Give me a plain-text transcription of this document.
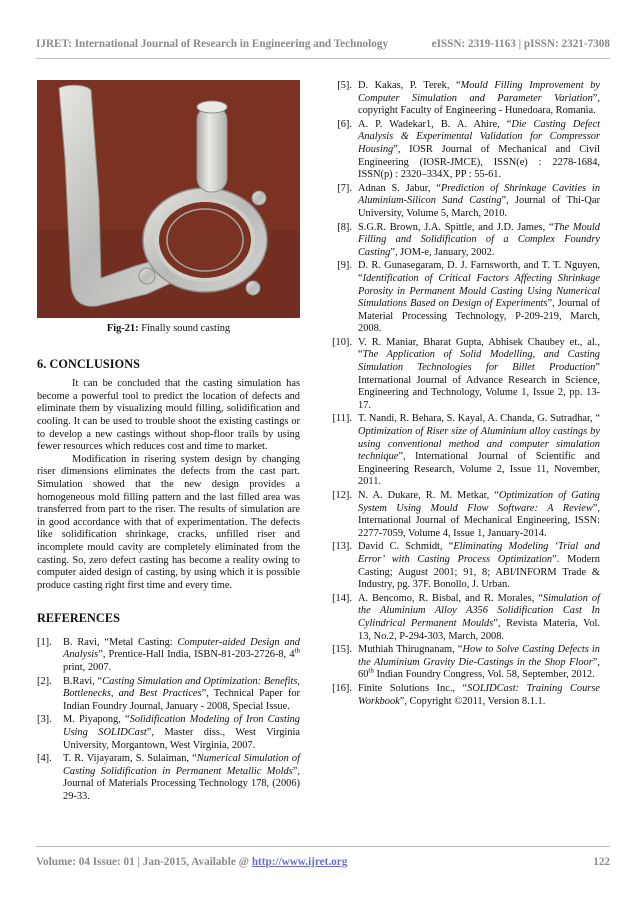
IJRET: International Journal of Research in Engineering and Technology	eISSN: 2319-1163 | pISSN: 2321-7308
Fig-21: Finally sound casting
6. CONCLUSIONS

It can be concluded that the casting simulation has become a powerful tool to predict the location of defects and eliminate them by visualizing mould filling, solidification and cooling. It can be used to trouble shoot the existing castings or to develop a new castings without shop-floor trails by using fewer resources which reduces cost and time to market.

Modification in risering system design by changing riser dimensions eliminates the defects from the cast part. Simulation showed that the new design provides a homogeneous mold filling pattern and the last filled area was transferred from part to the riser. The results of simulation are in good accordance with that of experimentation. The defects like solidification shrinkage, cracks, unfilled riser and incomplete mould cavity are completely eliminated from the casting. So, zero defect casting has become a reality owing to computer aided design of casting, by using which it is possible produce casting right first time and every time.

REFERENCES
[1].	B. Ravi, “Metal Casting: Computer-aided Design and Analysis”, Prentice-Hall India, ISBN-81-203-2726-8, 4th print, 2007.
[2].	B.Ravi, “Casting Simulation and Optimization: Benefits, Bottlenecks, and Best Practices”, Technical Paper for Indian Foundry Journal, January - 2008, Special Issue.
[3].	M. Piyapong, “Solidification Modeling of Iron Casting Using SOLIDCast”, Master diss., West Virginia University, Morgantown, West Virginia, 2007.
[4].	T. R. Vijayaram, S. Sulaiman, “Numerical Simulation of Casting Solidification in Permanent Metallic Molds”, Journal of Materials Processing Technology 178, (2006) 29-33.
[5]. D. Kakas, P. Terek, “Mould Filling Improvement by Computer Simulation and Parameter Variation”, copyright Faculty of Engineering - Hunedoara, Romania.
[6]. A. P. Wadekar1, B. A. Ahire, “Die Casting Defect Analysis & Experimental Validation for Compressor Housing”, IOSR Journal of Mechanical and Civil Engineering (IOSR-JMCE), ISSN(e) : 2278-1684, ISSN(p) : 2320–334X, PP : 55-61.
[7]. Adnan S. Jabur, “Prediction of Shrinkage Cavities in Aluminium-Silicon Sand Casting”, Journal of Thi-Qar University, Volume 5, March, 2010.
[8]. S.G.R. Brown, J.A. Spittle, and J.D. James, “The Mould Filling and Solidification of a Complex Foundry Casting”, JOM-e, January, 2002.
[9]. D. R. Gunasegaram, D. J. Farnsworth, and T. T. Nguyen, “Identification of Critical Factors Affecting Shrinkage Porosity in Permanent Mould Casting Using Numerical Simulations Based on Design of Experiments”, Journal of Material Processing Technology, P-209-219, March, 2008.
[10]. V. R. Maniar, Bharat Gupta, Abhisek Chaubey et., al., “The Application of Solid Modelling, and Casting Simulation Technologies for Billet Production” International Journal of Advance Research in Science, Engineering and Technology, Volume 1, Issue 2, pp. 13-17.
[11]. T. Nandi, R. Behara, S. Kayal, A. Chanda, G. Sutradhar, “ Optimization of Riser size of Aluminium alloy castings by using conventional method and computer simulation technique”, International Journal of Scientific and Engineering Research, Volume 2, Issue 11, November, 2011.
[12]. N. A. Dukare, R. M. Metkar, “Optimization of Gating System Using Mould Flow Software: A Review”, International Journal of Mechanical Engineering, ISSN: 2277-7059, Volume 4, Issue 1, January-2014.
[13]. David C. Schmidt, “Eliminating Modeling ‘Trial and Error’ with Casting Process Optimization”. Modern Casting; August 2001; 91, 8; ABI/INFORM Trade & Industry, pg. 37F. Bonollo, J. Urban.
[14]. A. Bencomo, R. Bisbal, and R. Morales, “Simulation of the Aluminium Alloy A356 Solidification Cast In Cylindrical Permanent Moulds”, Revista Materia, Vol. 13, No.2, P-294-303, March, 2008.
[15]. Muthiah Thirugnanam, “How to Solve Casting Defects in the Aluminium Gravity Die-Castings in the Shop Floor”, 60th Indian Foundry Congress, Vol. 58, September, 2012.
[16]. Finite Solutions Inc., “SOLIDCast: Training Course Workbook”, Copyright ©2011, Version 8.1.1.
Volume: 04 Issue: 01 | Jan-2015, Available @ http://www.ijret.org	122
